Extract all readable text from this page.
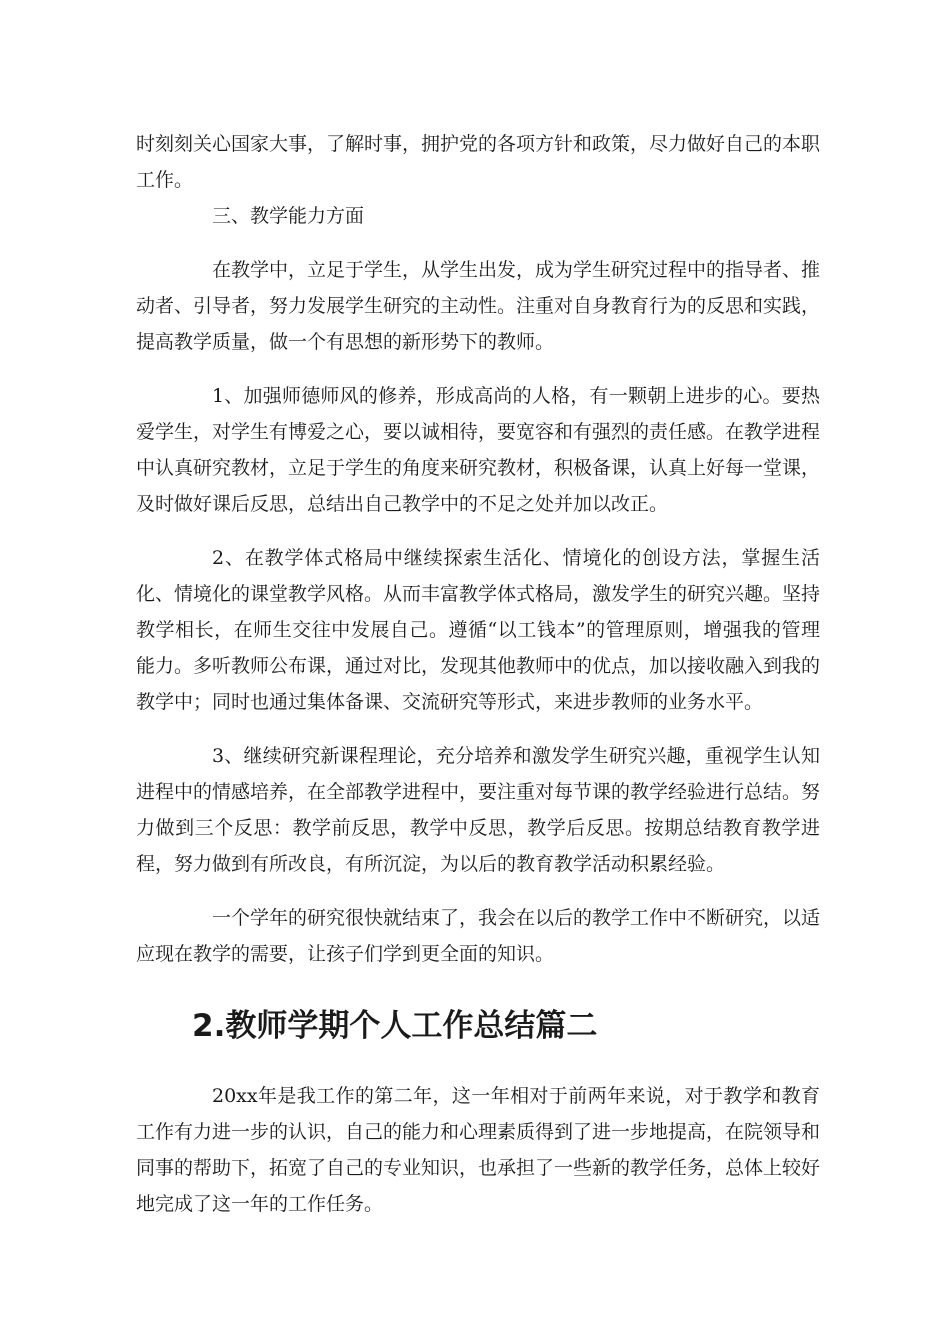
时刻刻关心国家大事，了解时事，拥护党的各项方针和政策，尽力做好自己的本职工作。

三、教学能力方面

在教学中，立足于学生，从学生出发，成为学生研究过程中的指导者、推动者、引导者，努力发展学生研究的主动性。注重对自身教育行为的反思和实践，提高教学质量，做一个有思想的新形势下的教师。

1、加强师德师风的修养，形成高尚的人格，有一颗朝上进步的心。要热爱学生，对学生有博爱之心，要以诚相待，要宽容和有强烈的责任感。在教学进程中认真研究教材，立足于学生的角度来研究教材，积极备课，认真上好每一堂课，及时做好课后反思，总结出自己教学中的不足之处并加以改正。

2、在教学体式格局中继续探索生活化、情境化的创设方法，掌握生活化、情境化的课堂教学风格。从而丰富教学体式格局，激发学生的研究兴趣。坚持教学相长，在师生交往中发展自己。遵循“以工钱本”的管理原则，增强我的管理能力。多听教师公布课，通过对比，发现其他教师中的优点，加以接收融入到我的教学中；同时也通过集体备课、交流研究等形式，来进步教师的业务水平。

3、继续研究新课程理论，充分培养和激发学生研究兴趣，重视学生认知进程中的情感培养，在全部教学进程中，要注重对每节课的教学经验进行总结。努力做到三个反思：教学前反思，教学中反思，教学后反思。按期总结教育教学进程，努力做到有所改良，有所沉淀，为以后的教育教学活动积累经验。

一个学年的研究很快就结束了，我会在以后的教学工作中不断研究，以适应现在教学的需要，让孩子们学到更全面的知识。

2.教师学期个人工作总结篇二

20xx年是我工作的第二年，这一年相对于前两年来说，对于教学和教育工作有力进一步的认识，自己的能力和心理素质得到了进一步地提高，在院领导和同事的帮助下，拓宽了自己的专业知识，也承担了一些新的教学任务，总体上较好地完成了这一年的工作任务。
